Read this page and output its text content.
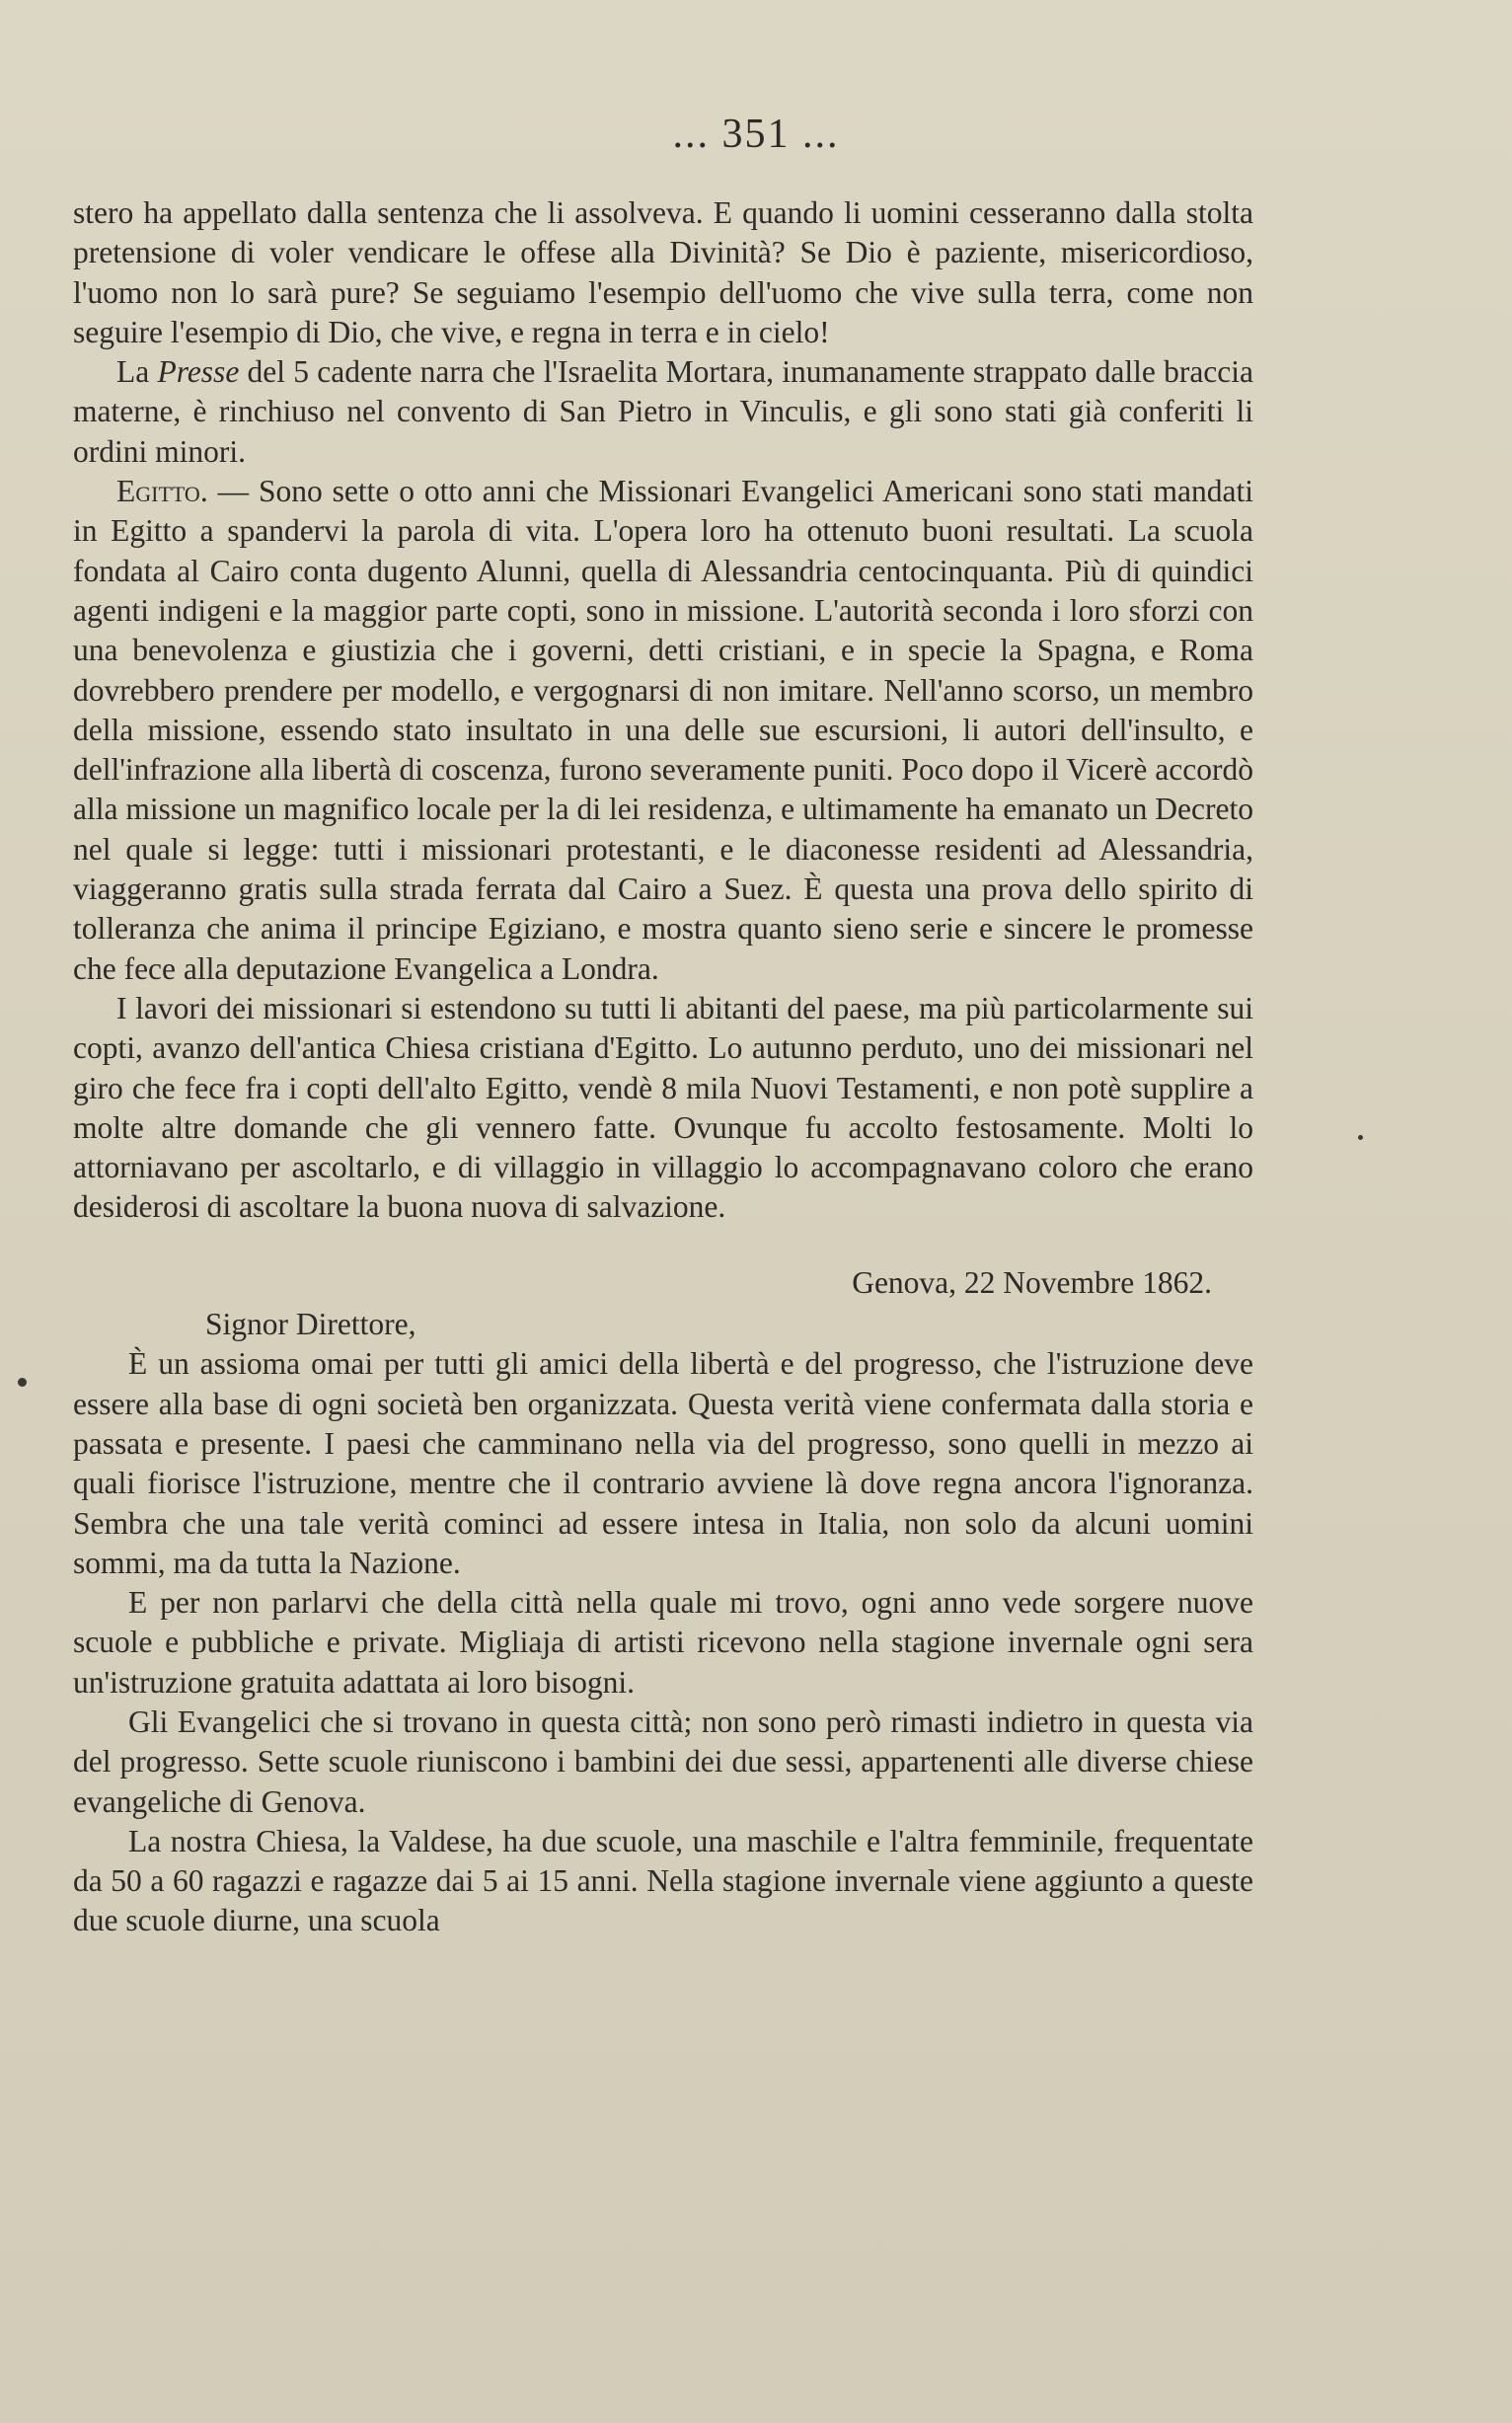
... 351 ...

stero ha appellato dalla sentenza che li assolveva. E quando li uomini cesseranno dalla stolta pretensione di voler vendicare le offese alla Divinità? Se Dio è paziente, misericordioso, l'uomo non lo sarà pure? Se seguiamo l'esempio dell'uomo che vive sulla terra, come non seguire l'esempio di Dio, che vive, e regna in terra e in cielo!

La Presse del 5 cadente narra che l'Israelita Mortara, inumanamente strappato dalle braccia materne, è rinchiuso nel convento di San Pietro in Vinculis, e gli sono stati già conferiti li ordini minori.

Egitto. — Sono sette o otto anni che Missionari Evangelici Americani sono stati mandati in Egitto a spandervi la parola di vita. L'opera loro ha ottenuto buoni resultati. La scuola fondata al Cairo conta dugento Alunni, quella di Alessandria centocinquanta. Più di quindici agenti indigeni e la maggior parte copti, sono in missione. L'autorità seconda i loro sforzi con una benevolenza e giustizia che i governi, detti cristiani, e in specie la Spagna, e Roma dovrebbero prendere per modello, e vergognarsi di non imitare. Nell'anno scorso, un membro della missione, essendo stato insultato in una delle sue escursioni, li autori dell'insulto, e dell'infrazione alla libertà di coscenza, furono severamente puniti. Poco dopo il Vicerè accordò alla missione un magnifico locale per la di lei residenza, e ultimamente ha emanato un Decreto nel quale si legge: tutti i missionari protestanti, e le diaconesse residenti ad Alessandria, viaggeranno gratis sulla strada ferrata dal Cairo a Suez. È questa una prova dello spirito di tolleranza che anima il principe Egiziano, e mostra quanto sieno serie e sincere le promesse che fece alla deputazione Evangelica a Londra.

I lavori dei missionari si estendono su tutti li abitanti del paese, ma più particolarmente sui copti, avanzo dell'antica Chiesa cristiana d'Egitto. Lo autunno perduto, uno dei missionari nel giro che fece fra i copti dell'alto Egitto, vendè 8 mila Nuovi Testamenti, e non potè supplire a molte altre domande che gli vennero fatte. Ovunque fu accolto festosamente. Molti lo attorniavano per ascoltarlo, e di villaggio in villaggio lo accompagnavano coloro che erano desiderosi di ascoltare la buona nuova di salvazione.

Genova, 22 Novembre 1862.

Signor Direttore,

È un assioma omai per tutti gli amici della libertà e del progresso, che l'istruzione deve essere alla base di ogni società ben organizzata. Questa verità viene confermata dalla storia e passata e presente. I paesi che camminano nella via del progresso, sono quelli in mezzo ai quali fiorisce l'istruzione, mentre che il contrario avviene là dove regna ancora l'ignoranza. Sembra che una tale verità cominci ad essere intesa in Italia, non solo da alcuni uomini sommi, ma da tutta la Nazione.

E per non parlarvi che della città nella quale mi trovo, ogni anno vede sorgere nuove scuole e pubbliche e private. Migliaja di artisti ricevono nella stagione invernale ogni sera un'istruzione gratuita adattata ai loro bisogni.

Gli Evangelici che si trovano in questa città; non sono però rimasti indietro in questa via del progresso. Sette scuole riuniscono i bambini dei due sessi, appartenenti alle diverse chiese evangeliche di Genova.

La nostra Chiesa, la Valdese, ha due scuole, una maschile e l'altra femminile, frequentate da 50 a 60 ragazzi e ragazze dai 5 ai 15 anni. Nella stagione invernale viene aggiunto a queste due scuole diurne, una scuola
